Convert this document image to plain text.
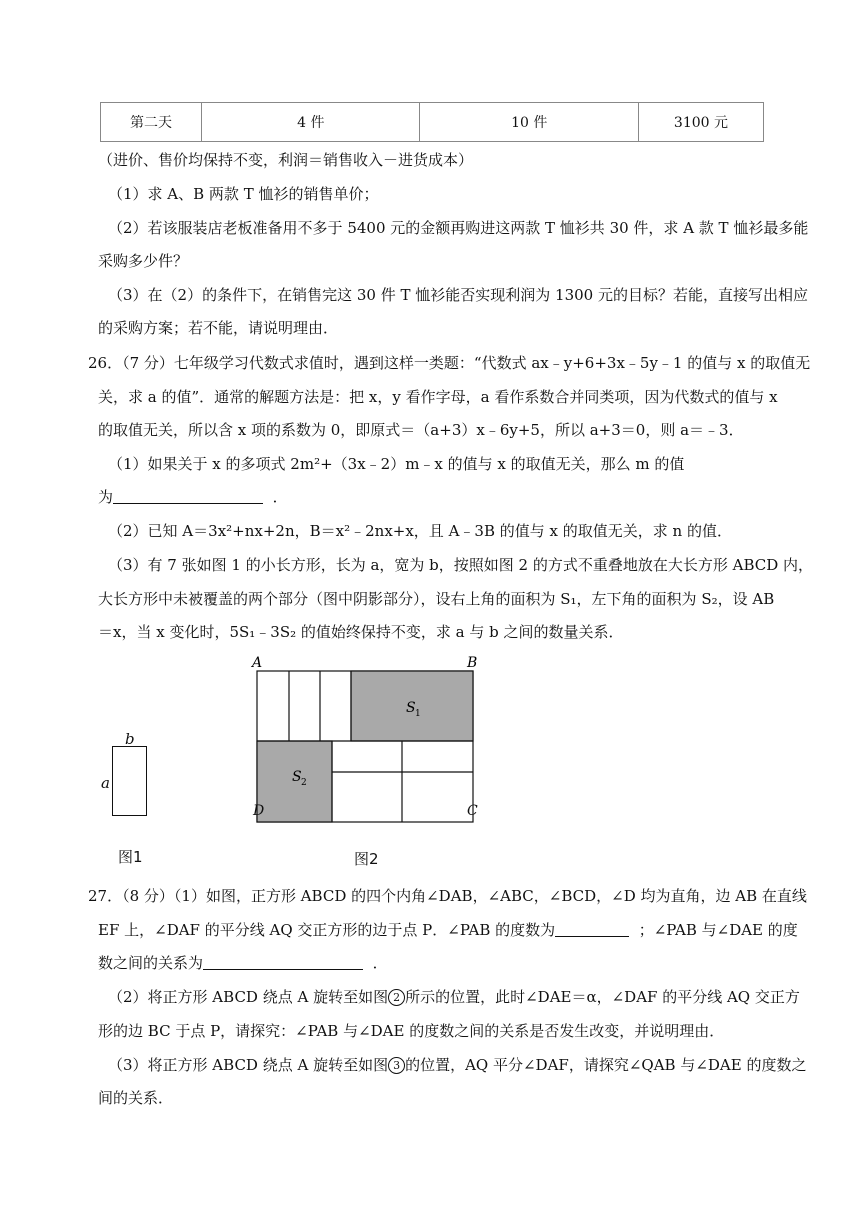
第二天	4 件	10 件	3100 元
（进价、售价均保持不变，利润＝销售收入－进货成本）
（1）求 A、B 两款 T 恤衫的销售单价；
（2）若该服装店老板准备用不多于 5400 元的金额再购进这两款 T 恤衫共 30 件，求 A 款 T 恤衫最多能
采购多少件？
（3）在（2）的条件下，在销售完这 30 件 T 恤衫能否实现利润为 1300 元的目标？若能，直接写出相应
的采购方案；若不能，请说明理由．
26．（7 分）七年级学习代数式求值时，遇到这样一类题：“代数式 ax﹣y+6+3x﹣5y﹣1 的值与 x 的取值无
关，求 a 的值”．通常的解题方法是：把 x，y 看作字母，a 看作系数合并同类项，因为代数式的值与 x
的取值无关，所以含 x 项的系数为 0，即原式＝（a+3）x﹣6y+5，所以 a+3＝0，则 a＝﹣3．
（1）如果关于 x 的多项式 2m²+（3x﹣2）m﹣x 的值与 x 的取值无关，那么 m 的值
为	．
（2）已知 A＝3x²+nx+2n，B＝x²﹣2nx+x，且 A﹣3B 的值与 x 的取值无关，求 n 的值．
（3）有 7 张如图 1 的小长方形，长为 a，宽为 b，按照如图 2 的方式不重叠地放在大长方形 ABCD 内，
大长方形中未被覆盖的两个部分（图中阴影部分），设右上角的面积为 S₁，左下角的面积为 S₂，设 AB
＝x，当 x 变化时，5S₁﹣3S₂ 的值始终保持不变，求 a 与 b 之间的数量关系．
b
a
图1
A	B
S 1
S 2
D	C
图2
27．（8 分）（1）如图，正方形 ABCD 的四个内角∠DAB，∠ABC，∠BCD，∠D 均为直角，边 AB 在直线
EF 上，∠DAF 的平分线 AQ 交正方形的边于点 P．∠PAB 的度数为	；∠PAB 与∠DAE 的度
数之间的关系为	．
（2）将正方形 ABCD 绕点 A 旋转至如图 2 所示的位置，此时∠DAE＝α，∠DAF 的平分线 AQ 交正方
形的边 BC 于点 P，请探究：∠PAB 与∠DAE 的度数之间的关系是否发生改变，并说明理由．
（3）将正方形 ABCD 绕点 A 旋转至如图 3 的位置，AQ 平分∠DAF，请探究∠QAB 与∠DAE 的度数之
间的关系．
